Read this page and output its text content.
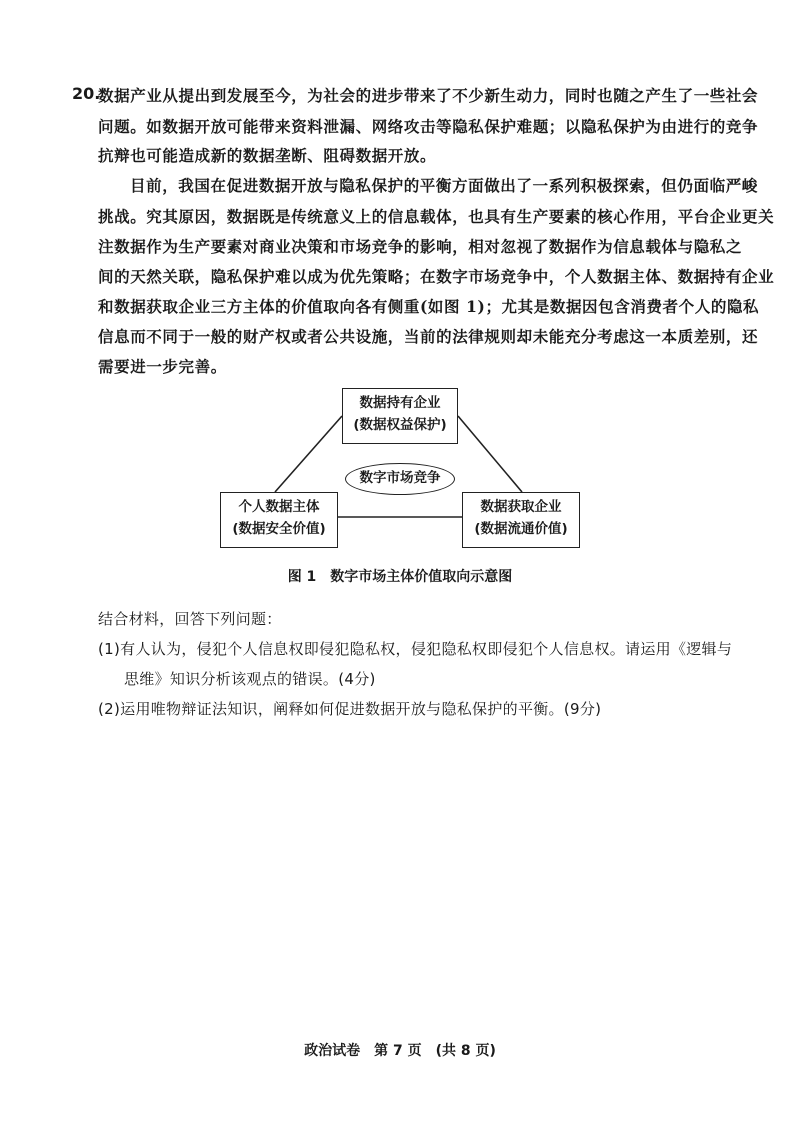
20.
数据产业从提出到发展至今，为社会的进步带来了不少新生动力，同时也随之产生了一些社会
问题。如数据开放可能带来资料泄漏、网络攻击等隐私保护难题；以隐私保护为由进行的竞争
抗辩也可能造成新的数据垄断、阻碍数据开放。
目前，我国在促进数据开放与隐私保护的平衡方面做出了一系列积极探索，但仍面临严峻
挑战。究其原因，数据既是传统意义上的信息载体，也具有生产要素的核心作用，平台企业更关
注数据作为生产要素对商业决策和市场竞争的影响，相对忽视了数据作为信息载体与隐私之
间的天然关联，隐私保护难以成为优先策略；在数字市场竞争中，个人数据主体、数据持有企业
和数据获取企业三方主体的价值取向各有侧重(如图 1)；尤其是数据因包含消费者个人的隐私
信息而不同于一般的财产权或者公共设施，当前的法律规则却未能充分考虑这一本质差别，还
需要进一步完善。
数据持有企业
(数据权益保护)
数字市场竞争
个人数据主体
(数据安全价值)
数据获取企业
(数据流通价值)
图 1　数字市场主体价值取向示意图
结合材料，回答下列问题：
(1)有人认为，侵犯个人信息权即侵犯隐私权，侵犯隐私权即侵犯个人信息权。请运用《逻辑与
思维》知识分析该观点的错误。(4分)
(2)运用唯物辩证法知识，阐释如何促进数据开放与隐私保护的平衡。(9分)
政治试卷　第 7 页　(共 8 页)
